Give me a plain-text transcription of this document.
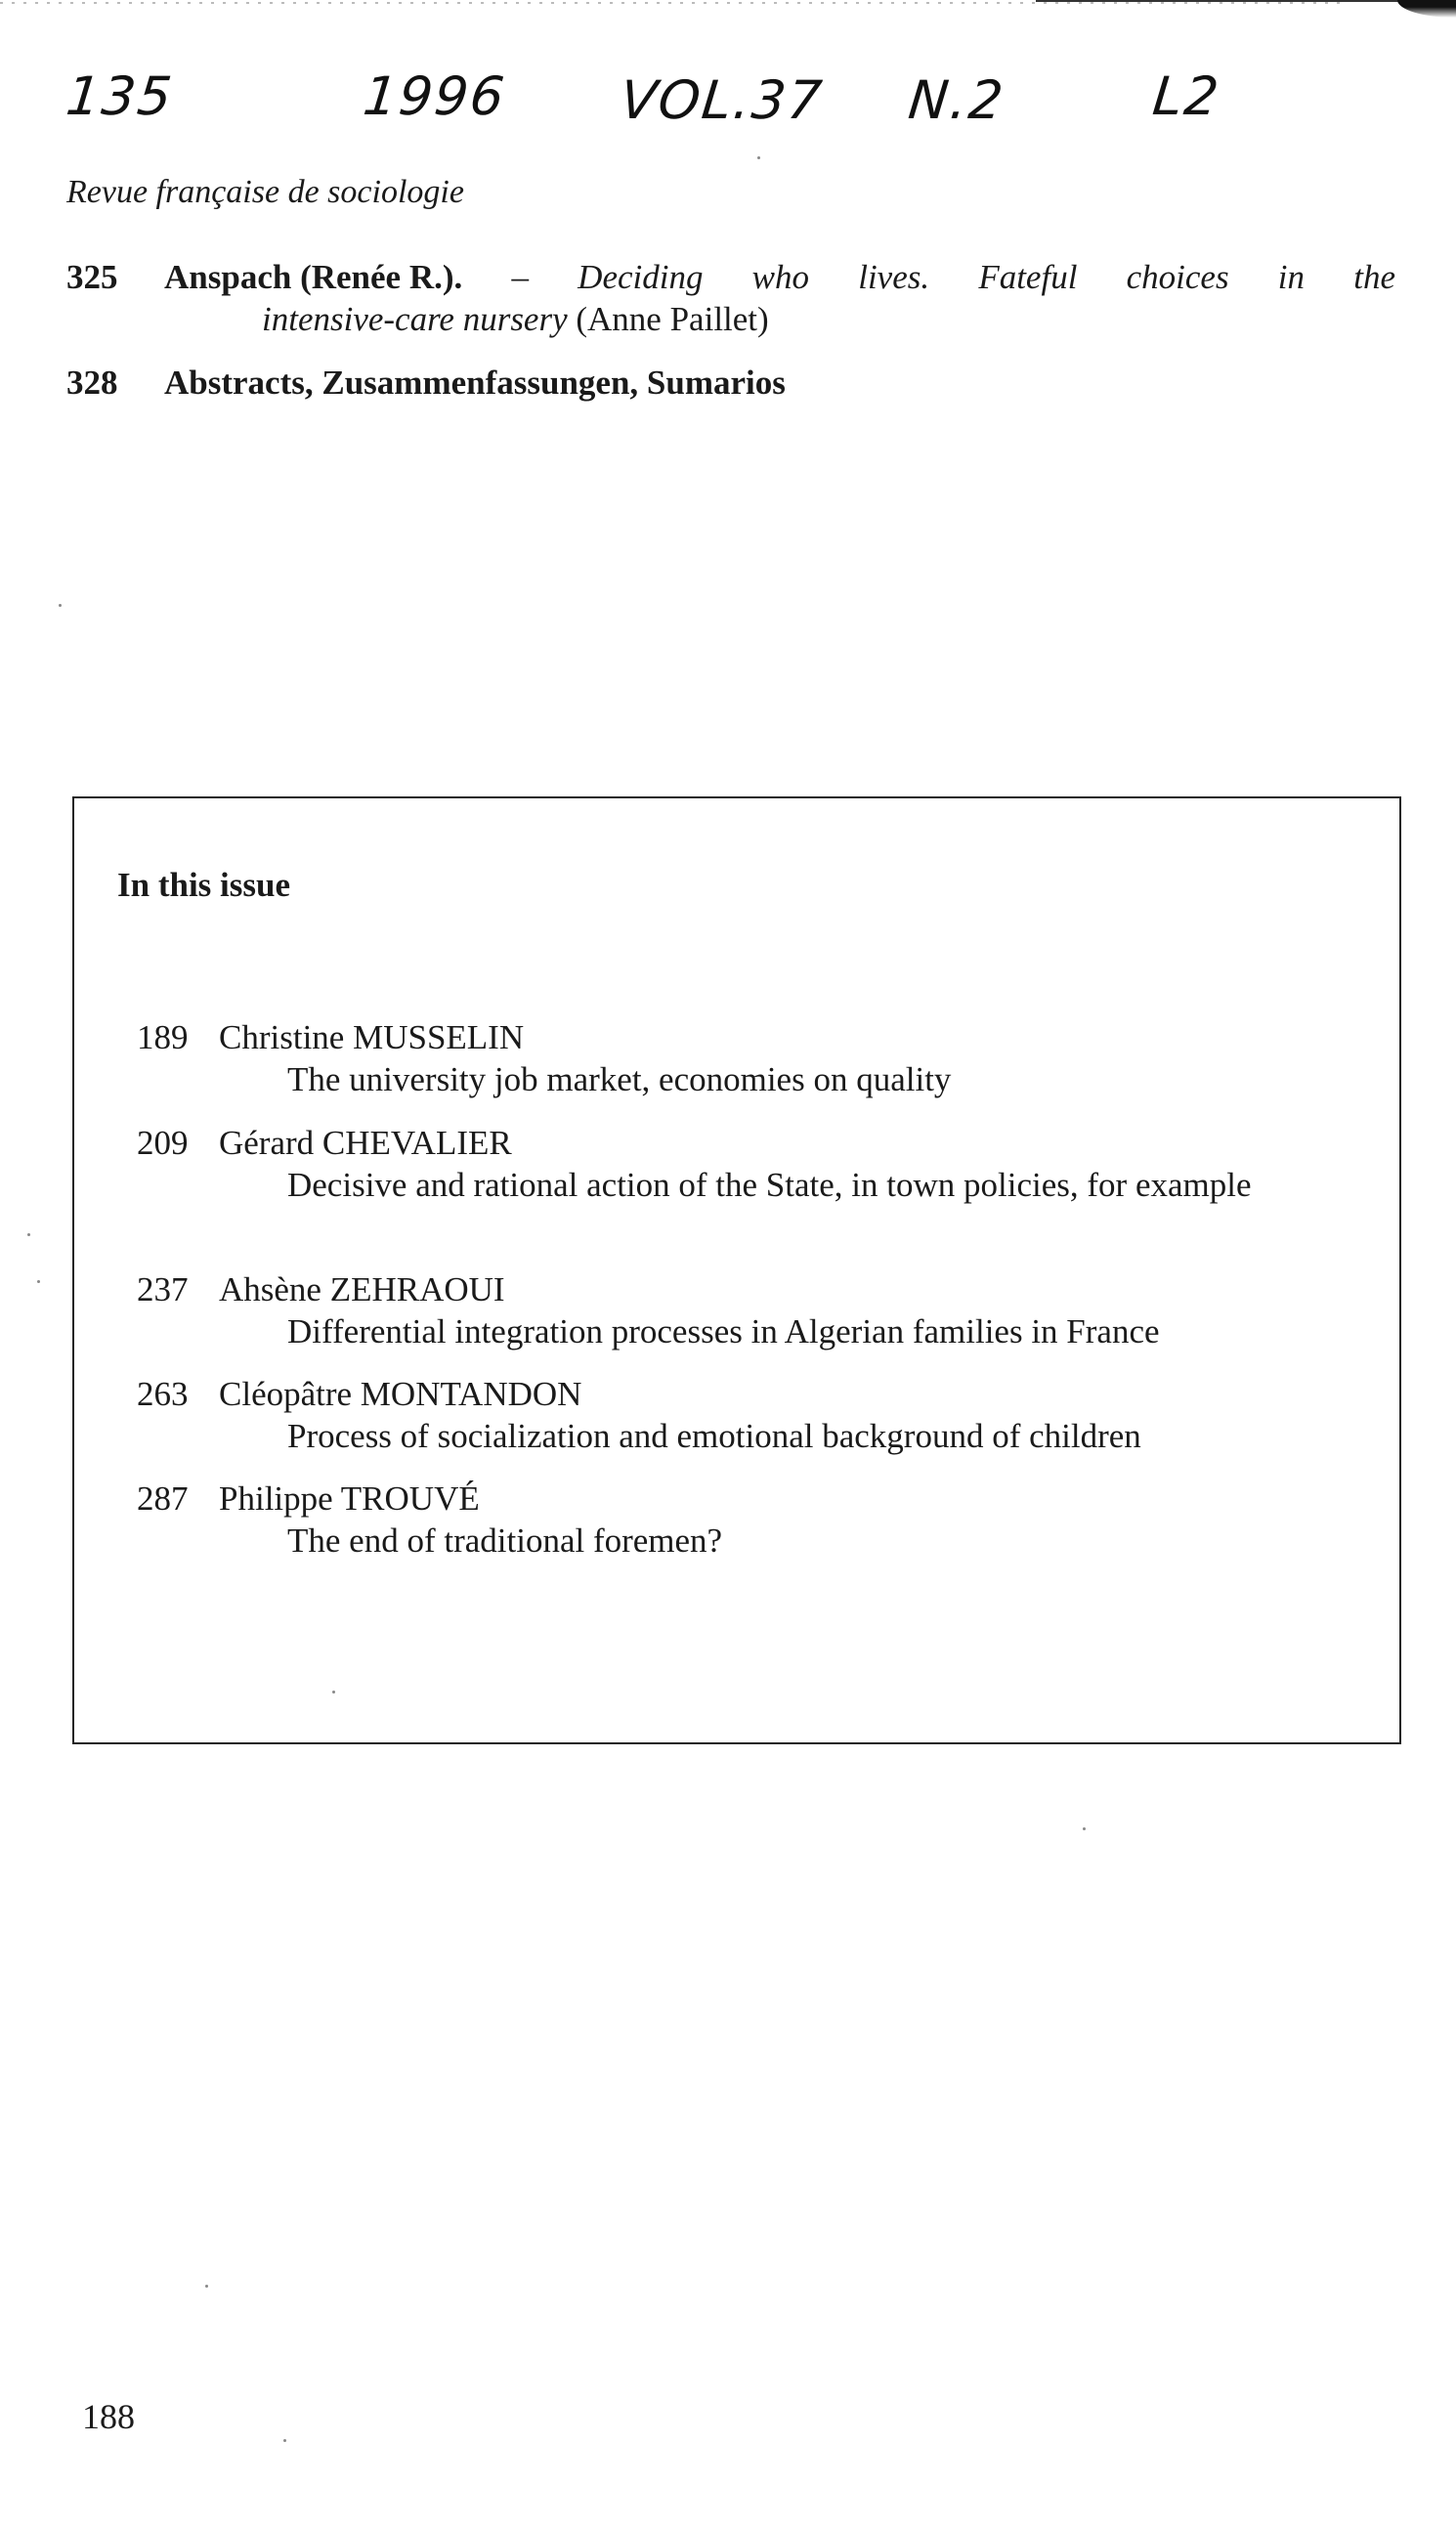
135	1996 VOL.37 N.2	L2
Revue française de sociologie
325 Anspach (Renée R.). – Deciding who lives. Fateful choices in the
intensive-care nursery (Anne Paillet)
328 Abstracts, Zusammenfassungen, Sumarios
In this issue
189 Christine MUSSELIN
The university job market, economies on quality
209 Gérard CHEVALIER
Decisive and rational action of the State, in town policies, for example
237 Ahsène ZEHRAOUI
Differential integration processes in Algerian families in France
263 Cléopâtre MONTANDON
Process of socialization and emotional background of children
287 Philippe TROUVÉ
The end of traditional foremen?
188
